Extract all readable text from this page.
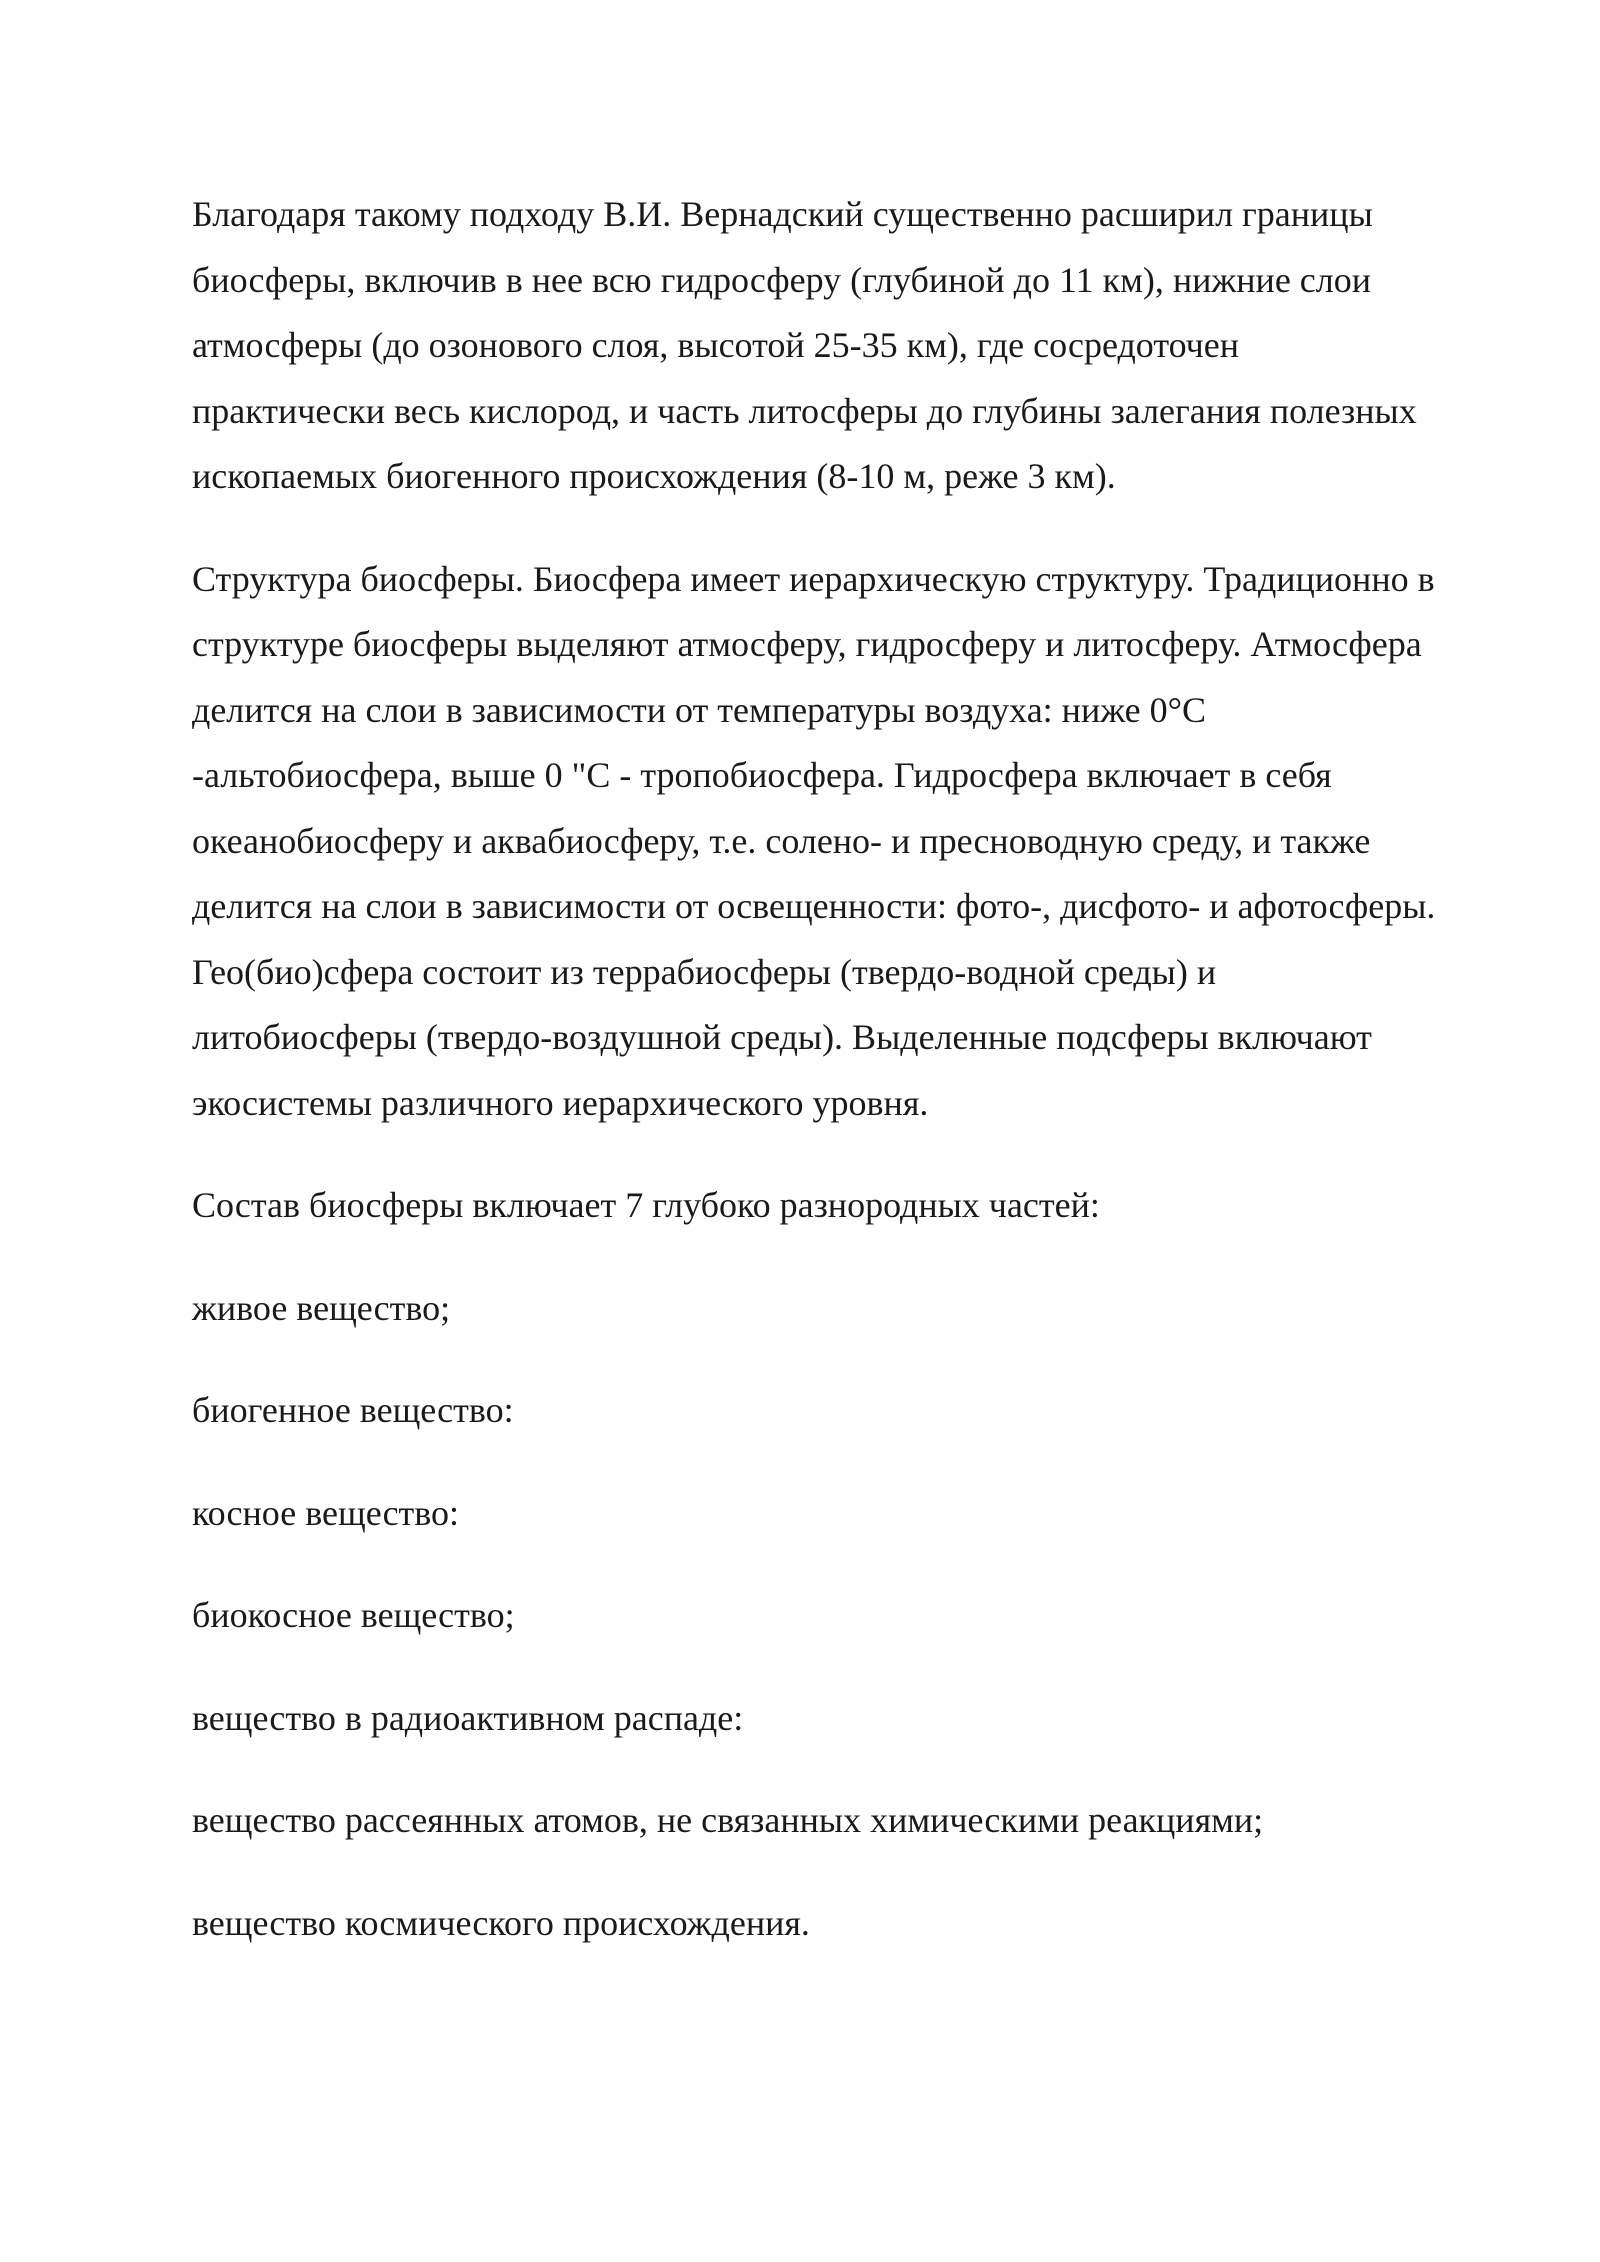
Благодаря такому подходу В.И. Вернадский существенно расширил границы биосферы, включив в нее всю гидросферу (глубиной до 11 км), нижние слои атмосферы (до озонового слоя, высотой 25-35 км), где сосредоточен практически весь кислород, и часть литосферы до глубины залегания полезных ископаемых биогенного происхождения (8-10 м, реже 3 км).

Структура биосферы. Биосфера имеет иерархическую структуру. Традиционно в структуре биосферы выделяют атмосферу, гидросферу и литосферу. Атмосфера делится на слои в зависимости от температуры воздуха: ниже 0°С -альтобиосфера, выше 0 "С - тропобиосфера. Гидросфера включает в себя океанобиосферу и аквабиосферу, т.е. солено- и пресноводную среду, и также делится на слои в зависимости от освещенности: фото-, дисфото- и афотосферы. Гео(био)сфера состоит из террабиосферы (твердо-водной среды) и литобиосферы (твердо-воздушной среды). Выделенные подсферы включают экосистемы различного иерархического уровня.

Состав биосферы включает 7 глубоко разнородных частей:

живое вещество;
биогенное вещество:
косное вещество:
биокосное вещество;
вещество в радиоактивном распаде:
вещество рассеянных атомов, не связанных химическими реакциями;
вещество космического происхождения.
